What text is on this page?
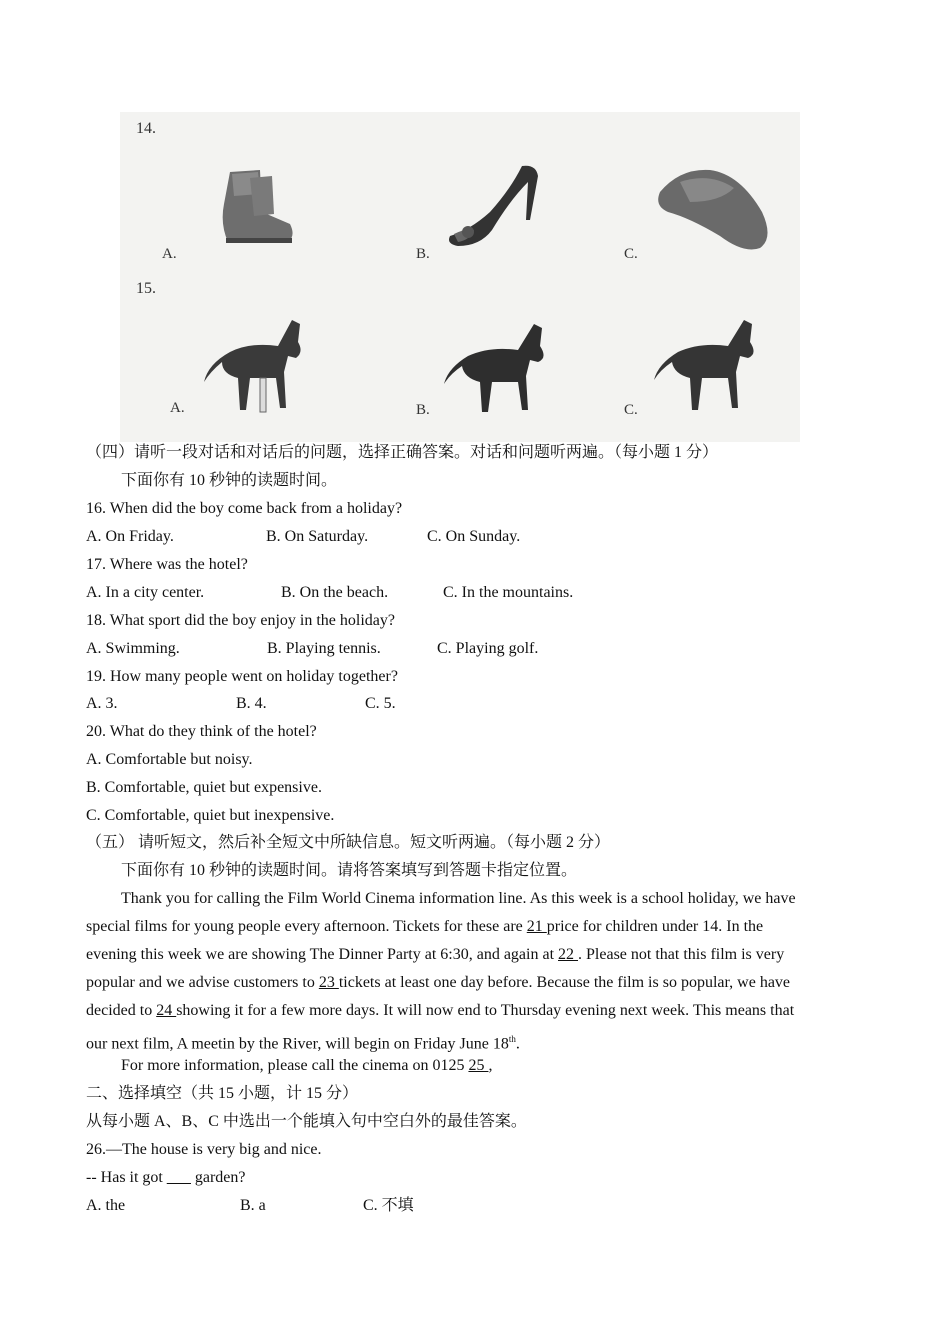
14.
A.	B.	C.
15.
A.	B.	C.
（四）请听一段对话和对话后的问题，选择正确答案。对话和问题听两遍。（每小题 1 分）
下面你有 10 秒钟的读题时间。
16. When did the boy come back from a holiday?
A. On Friday.	B. On Saturday.	C. On Sunday.
17. Where was the hotel?
A. In a city center.	B. On the beach.	C. In the mountains.
18. What sport did the boy enjoy in the holiday?
A. Swimming.	B. Playing tennis.	C. Playing golf.
19. How many people went on holiday together?
A. 3.	B. 4.	C. 5.
20. What do they think of the hotel?
A. Comfortable but noisy.
B. Comfortable, quiet but expensive.
C. Comfortable, quiet but inexpensive.
（五） 请听短文，然后补全短文中所缺信息。短文听两遍。（每小题 2 分）
下面你有 10 秒钟的读题时间。请将答案填写到答题卡指定位置。
Thank you for calling the Film World Cinema information line. As this week is a school holiday, we have
special films for young people every afternoon. Tickets for these are 21 price for children under 14. In the
evening this week we are showing The Dinner Party at 6:30, and again at 22 . Please not that this film is very
popular and we advise customers to 23 tickets at least one day before. Because the film is so popular, we have
decided to 24 showing it for a few more days. It will now end to Thursday evening next week. This means that
our next film, A meetin by the River, will begin on Friday June 18th.
For more information, please call the cinema on 0125 25 ,
二、选择填空（共 15 小题，计 15 分）
从每小题 A、B、C 中选出一个能填入句中空白外的最佳答案。
26.—The house is very big and nice.
-- Has it got ___ garden?
A. the	B. a	C. 不填
